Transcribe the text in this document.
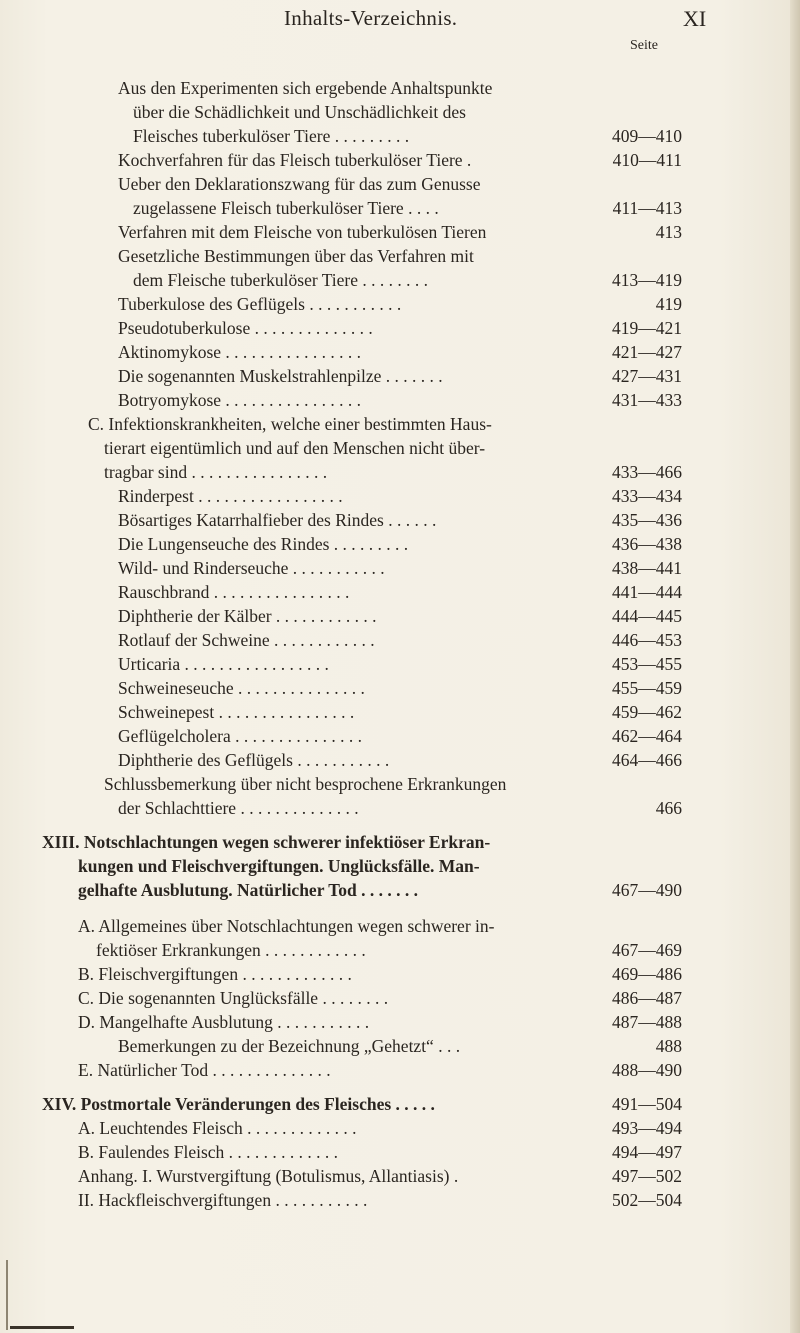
Inhalts-Verzeichnis.	XI
Seite
Aus den Experimenten sich ergebende Anhaltspunkte
über die Schädlichkeit und Unschädlichkeit des
Fleisches tuberkulöser Tiere . . . . . . . . .	409—410
Kochverfahren für das Fleisch tuberkulöser Tiere .	410—411
Ueber den Deklarationszwang für das zum Genusse
zugelassene Fleisch tuberkulöser Tiere . . . .	411—413
Verfahren mit dem Fleische von tuberkulösen Tieren	413
Gesetzliche Bestimmungen über das Verfahren mit
dem Fleische tuberkulöser Tiere . . . . . . . .	413—419
Tuberkulose des Geflügels . . . . . . . . . . .	419
Pseudotuberkulose . . . . . . . . . . . . . .	419—421
Aktinomykose . . . . . . . . . . . . . . . .	421—427
Die sogenannten Muskelstrahlenpilze . . . . . . .	427—431
Botryomykose . . . . . . . . . . . . . . . .	431—433
C. Infektionskrankheiten, welche einer bestimmten Haus-
tierart eigentümlich und auf den Menschen nicht über-
tragbar sind . . . . . . . . . . . . . . . .	433—466
Rinderpest . . . . . . . . . . . . . . . . .	433—434
Bösartiges Katarrhalfieber des Rindes . . . . . .	435—436
Die Lungenseuche des Rindes . . . . . . . . .	436—438
Wild- und Rinderseuche . . . . . . . . . . .	438—441
Rauschbrand . . . . . . . . . . . . . . . .	441—444
Diphtherie der Kälber . . . . . . . . . . . .	444—445
Rotlauf der Schweine . . . . . . . . . . . .	446—453
Urticaria . . . . . . . . . . . . . . . . .	453—455
Schweineseuche . . . . . . . . . . . . . . .	455—459
Schweinepest . . . . . . . . . . . . . . . .	459—462
Geflügelcholera . . . . . . . . . . . . . . .	462—464
Diphtherie des Geflügels . . . . . . . . . . .	464—466
Schlussbemerkung über nicht besprochene Erkrankungen
der Schlachttiere . . . . . . . . . . . . . .	466
XIII. Notschlachtungen wegen schwerer infektiöser Erkran-
kungen und Fleischvergiftungen. Unglücksfälle. Man-
gelhafte Ausblutung. Natürlicher Tod . . . . . . .	467—490
A. Allgemeines über Notschlachtungen wegen schwerer in-
fektiöser Erkrankungen . . . . . . . . . . . .	467—469
B. Fleischvergiftungen . . . . . . . . . . . . .	469—486
C. Die sogenannten Unglücksfälle . . . . . . . .	486—487
D. Mangelhafte Ausblutung . . . . . . . . . . .	487—488
Bemerkungen zu der Bezeichnung „Gehetzt“ . . .	488
E. Natürlicher Tod . . . . . . . . . . . . . .	488—490
XIV. Postmortale Veränderungen des Fleisches . . . . .	491—504
A. Leuchtendes Fleisch . . . . . . . . . . . . .	493—494
B. Faulendes Fleisch . . . . . . . . . . . . .	494—497
Anhang. I. Wurstvergiftung (Botulismus, Allantiasis) .	497—502
II. Hackfleischvergiftungen . . . . . . . . . . .	502—504
